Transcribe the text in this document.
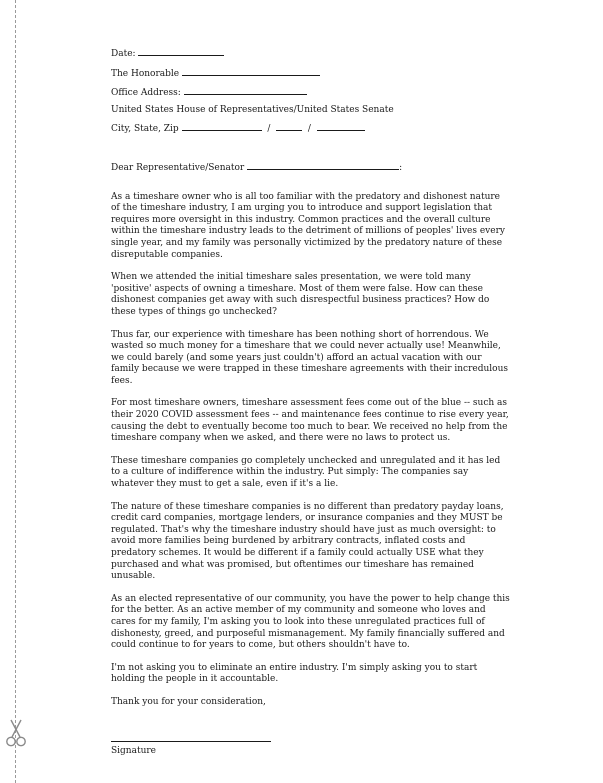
Date:
The Honorable
Office Address:
United States House of Representatives/United States Senate
City, State, Zip	/	/
Dear Representative/Senator	:

As a timeshare owner who is all too familiar with the predatory and dishonest nature of the timeshare industry, I am urging you to introduce and support legislation that requires more oversight in this industry. Common practices and the overall culture within the timeshare industry leads to the detriment of millions of peoples' lives every single year, and my family was personally victimized by the predatory nature of these disreputable companies.

When we attended the initial timeshare sales presentation, we were told many 'positive' aspects of owning a timeshare. Most of them were false. How can these dishonest companies get away with such disrespectful business practices? How do these types of things go unchecked?

Thus far, our experience with timeshare has been nothing short of horrendous. We wasted so much money for a timeshare that we could never actually use! Meanwhile, we could barely (and some years just couldn't) afford an actual vacation with our family because we were trapped in these timeshare agreements with their incredulous fees.

For most timeshare owners, timeshare assessment fees come out of the blue -- such as their 2020 COVID assessment fees -- and maintenance fees continue to rise every year, causing the debt to eventually become too much to bear. We received no help from the timeshare company when we asked, and there were no laws to protect us.

These timeshare companies go completely unchecked and unregulated and it has led to a culture of indifference within the industry. Put simply: The companies say whatever they must to get a sale, even if it's a lie.

The nature of these timeshare companies is no different than predatory payday loans, credit card companies, mortgage lenders, or insurance companies and they MUST be regulated. That's why the timeshare industry should have just as much oversight: to avoid more families being burdened by arbitrary contracts, inflated costs and predatory schemes. It would be different if a family could actually USE what they purchased and what was promised, but oftentimes our timeshare has remained unusable.

As an elected representative of our community, you have the power to help change this for the better. As an active member of my community and someone who loves and cares for my family, I'm asking you to look into these unregulated practices full of dishonesty, greed, and purposeful mismanagement. My family financially suffered and could continue to for years to come, but others shouldn't have to.

I'm not asking you to eliminate an entire industry. I'm simply asking you to start holding the people in it accountable.

Thank you for your consideration,

Signature
